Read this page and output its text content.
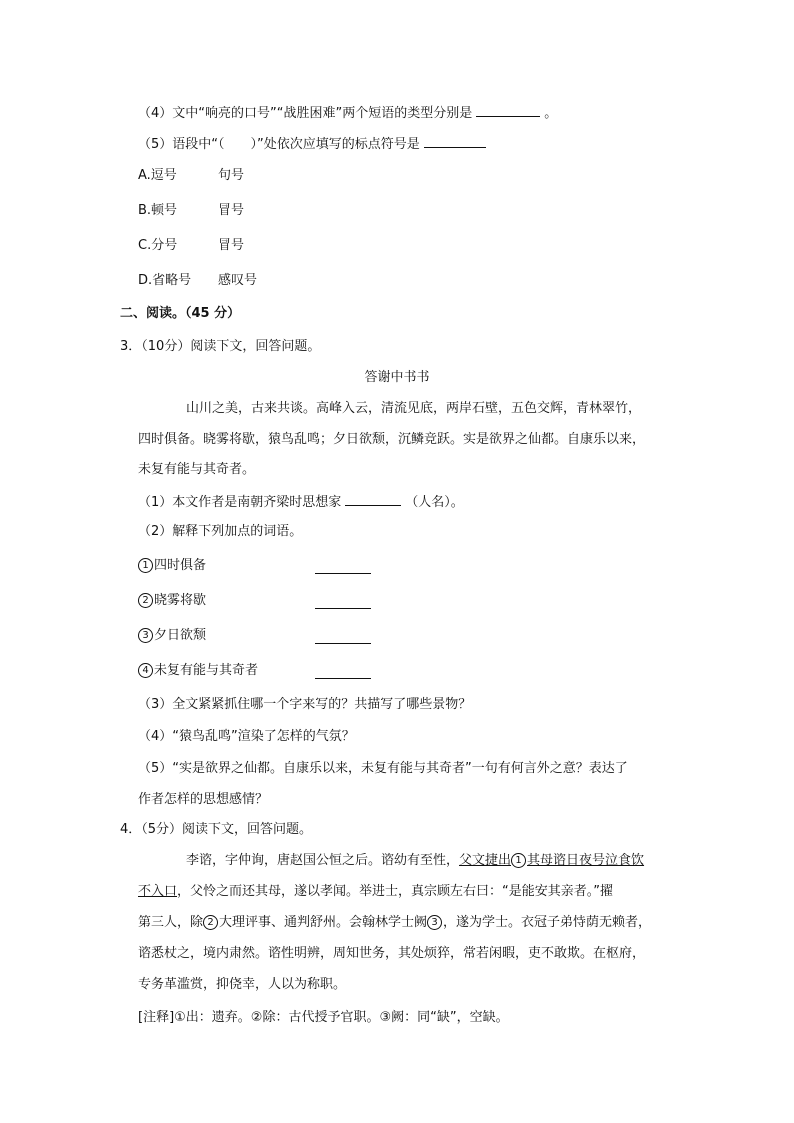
（4）文中“响亮的口号”“战胜困难”两个短语的类型分别是	。
（5）语段中“（　　）”处依次应填写的标点符号是
A.逗号	句号
B.顿号	冒号
C.分号	冒号
D.省略号 感叹号
二、阅读。（45 分）
3．（10分）阅读下文，回答问题。
答谢中书书
山川之美，古来共谈。高峰入云，清流见底，两岸石壁，五色交辉，青林翠竹，
四时俱备。晓雾将歇，猿鸟乱鸣；夕日欲颓，沉鳞竞跃。实是欲界之仙都。自康乐以来，
未复有能与其奇者。
（1）本文作者是南朝齐梁时思想家	（人名）。
（2）解释下列加点的词语。
1 四时俱备
2 晓雾将歇
3 夕日欲颓
4 未复有能与其奇者
（3）全文紧紧抓住哪一个字来写的？共描写了哪些景物？
（4）“猿鸟乱鸣”渲染了怎样的气氛？
（5）“实是欲界之仙都。自康乐以来，未复有能与其奇者”一句有何言外之意？表达了
作者怎样的思想感情？
4．（5分）阅读下文，回答问题。
李谘，字仲询，唐赵国公恒之后。谘幼有至性，父文捷出 1 其母谘日夜号泣食饮
不入口，父怜之而还其母，遂以孝闻。举进士，真宗顾左右曰：“是能安其亲者。”擢
第三人，除 2 大理评事、通判舒州。会翰林学士阙 3 ，遂为学士。衣冠子弟恃荫无赖者，
谘悉杖之，境内肃然。谘性明辨，周知世务，其处烦猝，常若闲暇，吏不敢欺。在枢府，
专务革滥赏，抑侥幸，人以为称职。
[注释]①出：遗弃。②除：古代授予官职。③阙：同“缺”，空缺。
